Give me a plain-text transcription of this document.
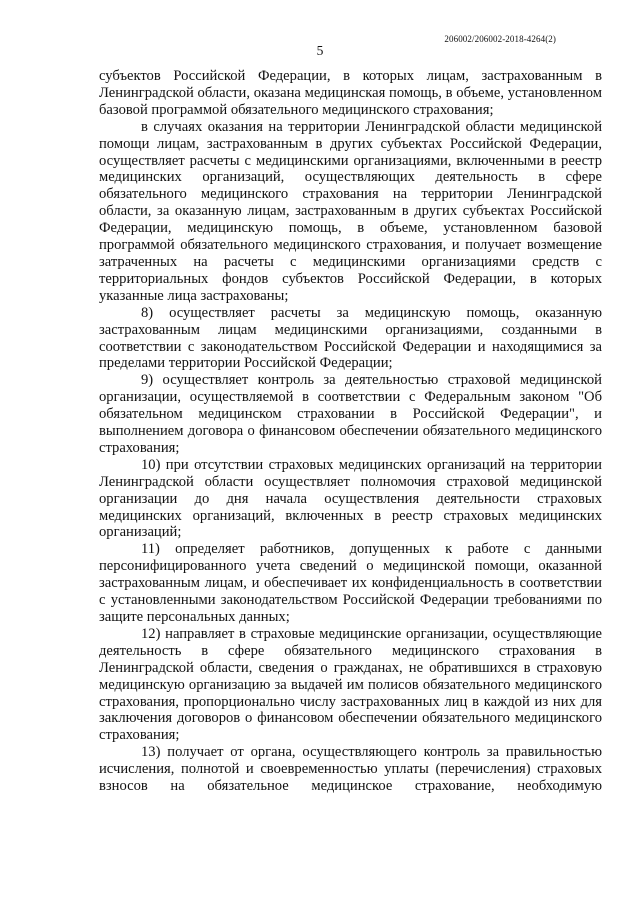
206002/206002-2018-4264(2)
5

субъектов Российской Федерации, в которых лицам, застрахованным в Ленинградской области, оказана медицинская помощь, в объеме, установленном базовой программой обязательного медицинского страхования;

в случаях оказания на территории Ленинградской области медицинской помощи лицам, застрахованным в других субъектах Российской Федерации, осуществляет расчеты с медицинскими организациями, включенными в реестр медицинских организаций, осуществляющих деятельность в сфере обязательного медицинского страхования на территории Ленинградской области, за оказанную лицам, застрахованным в других субъектах Российской Федерации, медицинскую помощь, в объеме, установленном базовой программой обязательного медицинского страхования, и получает возмещение затраченных на расчеты с медицинскими организациями средств с территориальных фондов субъектов Российской Федерации, в которых указанные лица застрахованы;

8) осуществляет расчеты за медицинскую помощь, оказанную застрахованным лицам медицинскими организациями, созданными в соответствии с законодательством Российской Федерации и находящимися за пределами территории Российской Федерации;

9) осуществляет контроль за деятельностью страховой медицинской организации, осуществляемой в соответствии с Федеральным законом "Об обязательном медицинском страховании в Российской Федерации", и выполнением договора о финансовом обеспечении обязательного медицинского страхования;

10) при отсутствии страховых медицинских организаций на территории Ленинградской области осуществляет полномочия страховой медицинской организации до дня начала осуществления деятельности страховых медицинских организаций, включенных в реестр страховых медицинских организаций;

11) определяет работников, допущенных к работе с данными персонифицированного учета сведений о медицинской помощи, оказанной застрахованным лицам, и обеспечивает их конфиденциальность в соответствии с установленными законодательством Российской Федерации требованиями по защите персональных данных;

12) направляет в страховые медицинские организации, осуществляющие деятельность в сфере обязательного медицинского страхования в Ленинградской области, сведения о гражданах, не обратившихся в страховую медицинскую организацию за выдачей им полисов обязательного медицинского страхования, пропорционально числу застрахованных лиц в каждой из них для заключения договоров о финансовом обеспечении обязательного медицинского страхования;

13) получает от органа, осуществляющего контроль за правильностью исчисления, полнотой и своевременностью уплаты (перечисления) страховых взносов на обязательное медицинское страхование, необходимую
